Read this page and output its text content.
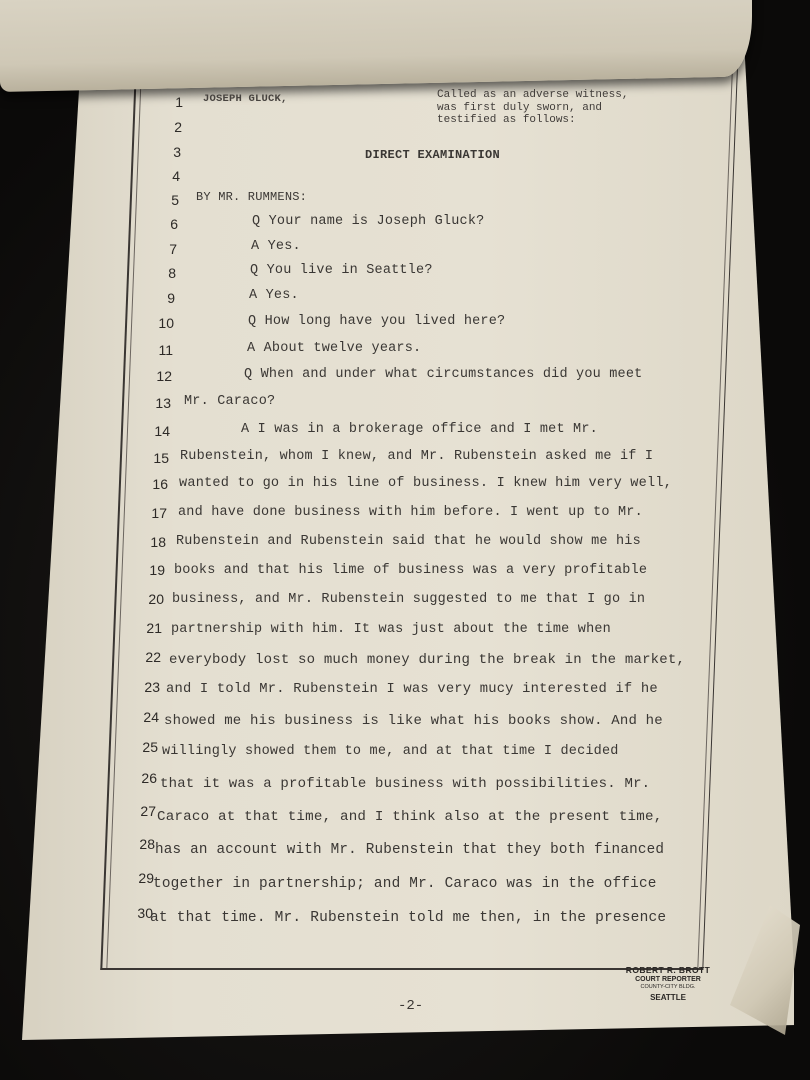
JOSEPH GLUCK,	Called as an adverse witness,
was first duly sworn, and
testified as follows:
DIRECT EXAMINATION
BY MR. RUMMENS:
1
2
3
4
5
6
7
8
9
10
11
12
13
14
15
16
17
18
19
20
21
22
23
24
25
26
27
28
29
30
Q Your name is Joseph Gluck?
A Yes.
Q You live in Seattle?
A Yes.
Q How long have you lived here?
A About twelve years.
Q When and under what circumstances did you meet
Mr. Caraco?
A I was in a brokerage office and I met Mr.
Rubenstein, whom I knew, and Mr. Rubenstein asked me if I
wanted to go in his line of business. I knew him very well,
and have done business with him before. I went up to Mr.
Rubenstein and Rubenstein said that he would show me his
books and that his lime of business was a very profitable
business, and Mr. Rubenstein suggested to me that I go in
partnership with him. It was just about the time when
everybody lost so much money during the break in the market,
and I told Mr. Rubenstein I was very mucy interested if he
showed me his business is like what his books show. And he
willingly showed them to me, and at that time I decided
that it was a profitable business with possibilities. Mr.
Caraco at that time, and I think also at the present time,
has an account with Mr. Rubenstein that they both financed
together in partnership; and Mr. Caraco was in the office
at that time. Mr. Rubenstein told me then, in the presence
ROBERT R. BROTT
COURT REPORTER
COUNTY-CITY BLDG.
SEATTLE
-2-
